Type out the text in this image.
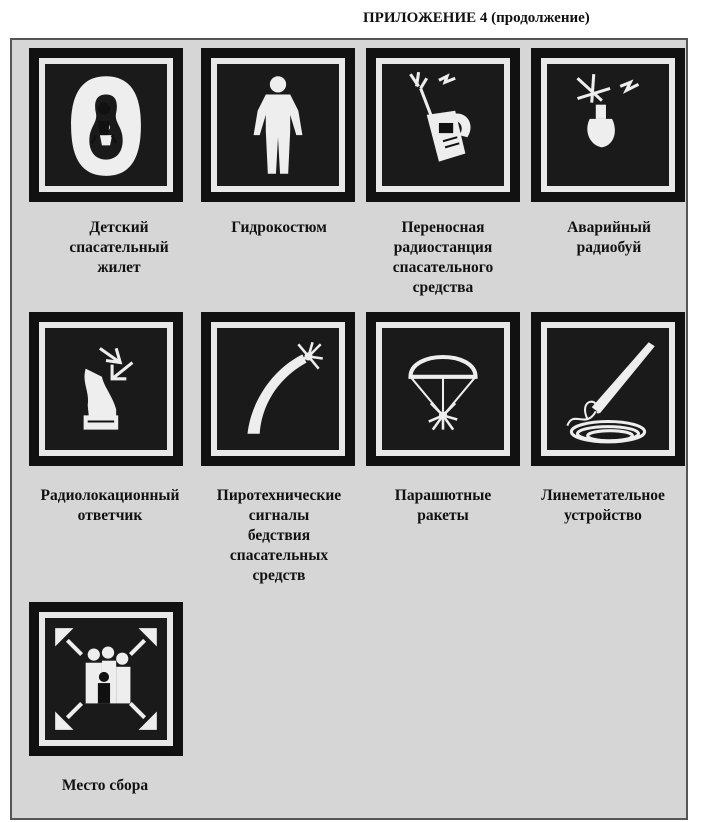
ПРИЛОЖЕНИЕ 4 (продолжение)
Детский
спасательный
жилет
Гидрокостюм	Переносная
радиостанция
спасательного
средства
Аварийный
радиобуй
Радиолокационный
ответчик
Пиротехнические
сигналы
бедствия
спасательных
средств
Парашютные
ракеты
Линеметательное
устройство
Место сбора
